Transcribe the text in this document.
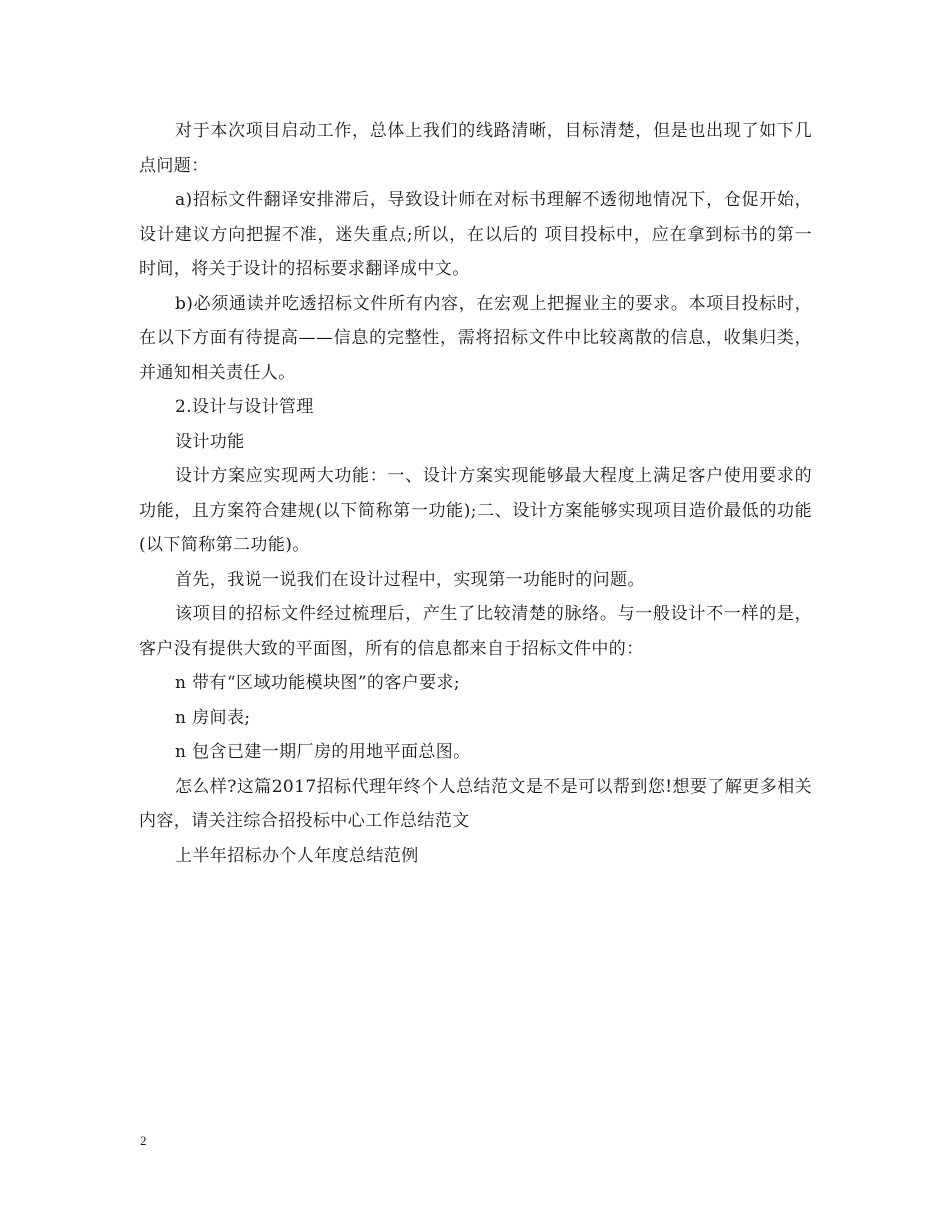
对于本次项目启动工作，总体上我们的线路清晰，目标清楚，但是也出现了如下几点问题：

a)招标文件翻译安排滞后，导致设计师在对标书理解不透彻地情况下，仓促开始，设计建议方向把握不准，迷失重点;所以，在以后的 项目投标中，应在拿到标书的第一时间，将关于设计的招标要求翻译成中文。

b)必须通读并吃透招标文件所有内容，在宏观上把握业主的要求。本项目投标时，在以下方面有待提高——信息的完整性，需将招标文件中比较离散的信息，收集归类，并通知相关责任人。

2.设计与设计管理

设计功能

设计方案应实现两大功能：一、设计方案实现能够最大程度上满足客户使用要求的功能，且方案符合建规(以下简称第一功能);二、设计方案能够实现项目造价最低的功能(以下简称第二功能)。

首先，我说一说我们在设计过程中，实现第一功能时的问题。

该项目的招标文件经过梳理后，产生了比较清楚的脉络。与一般设计不一样的是，客户没有提供大致的平面图，所有的信息都来自于招标文件中的：

n 带有“区域功能模块图”的客户要求;

n 房间表;

n 包含已建一期厂房的用地平面总图。

怎么样?这篇2017招标代理年终个人总结范文是不是可以帮到您!想要了解更多相关内容，请关注综合招投标中心工作总结范文

上半年招标办个人年度总结范例

2
